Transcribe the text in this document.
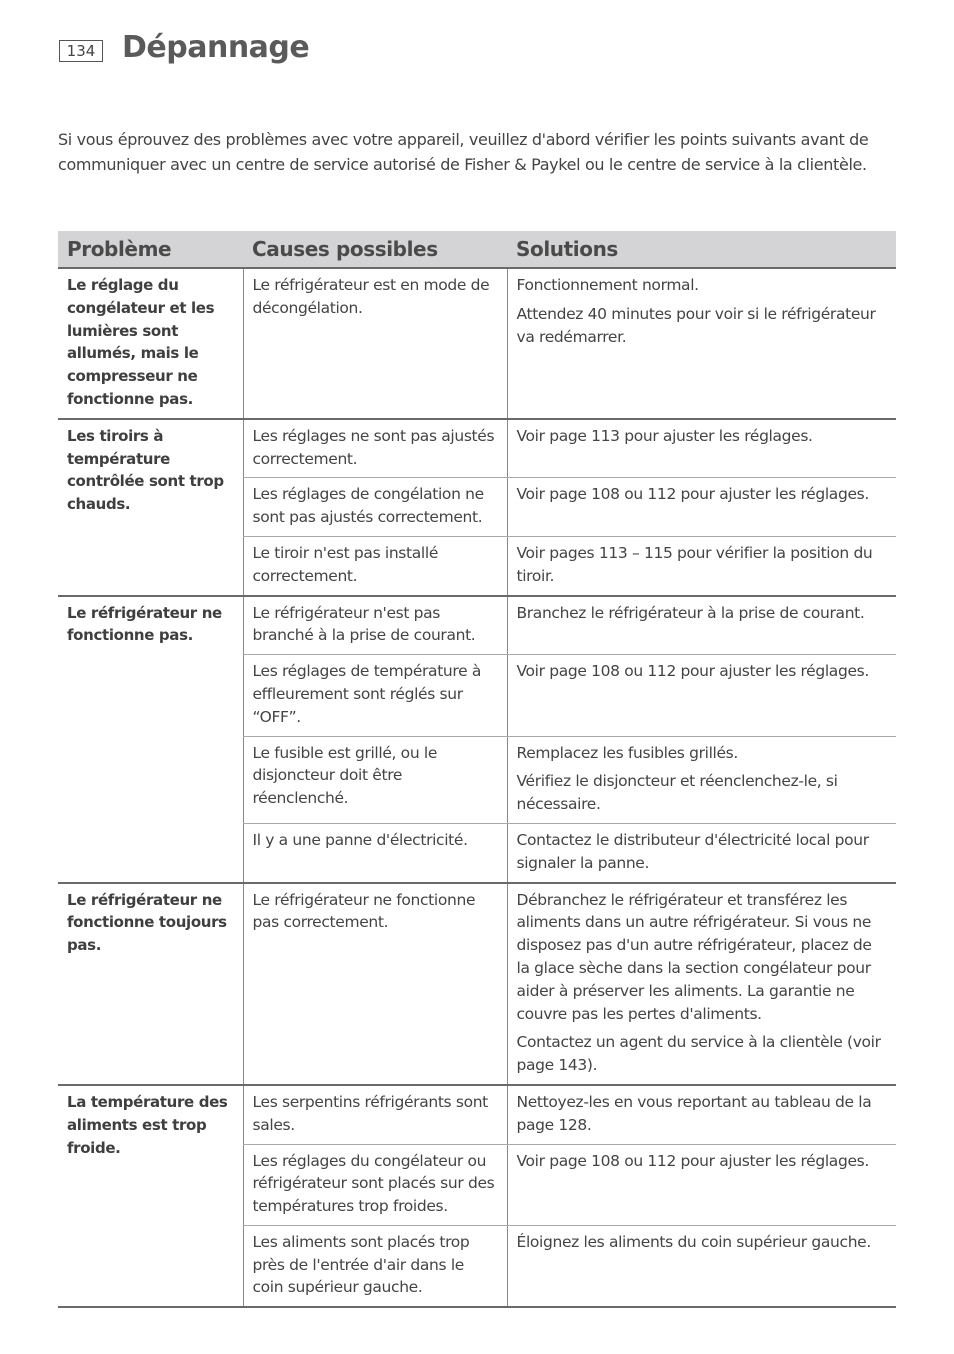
134 Dépannage

Si vous éprouvez des problèmes avec votre appareil, veuillez d'abord vérifier les points suivants avant de communiquer avec un centre de service autorisé de Fisher & Paykel ou le centre de service à la clientèle.

Problème	Causes possibles	Solutions
Le réglage du congélateur et les lumières sont allumés, mais le compresseur ne fonctionne pas.	Le réfrigérateur est en mode de décongélation.	Fonctionnement normal.

Attendez 40 minutes pour voir si le réfrigérateur va redémarrer.

Les tiroirs à température contrôlée sont trop chauds.	Les réglages ne sont pas ajustés correctement.	Voir page 113 pour ajuster les réglages.

	Les réglages de congélation ne sont pas ajustés correctement.	Voir page 108 ou 112 pour ajuster les réglages.

	Le tiroir n'est pas installé correctement.	Voir pages 113 – 115 pour vérifier la position du tiroir.

Le réfrigérateur ne fonctionne pas.	Le réfrigérateur n'est pas branché à la prise de courant.	Branchez le réfrigérateur à la prise de courant.

	Les réglages de température à effleurement sont réglés sur “OFF”.	Voir page 108 ou 112 pour ajuster les réglages.

	Le fusible est grillé, ou le disjoncteur doit être réenclenché.	Remplacez les fusibles grillés.

Vérifiez le disjoncteur et réenclenchez-le, si nécessaire.

	Il y a une panne d'électricité.	Contactez le distributeur d'électricité local pour signaler la panne.

Le réfrigérateur ne fonctionne toujours pas.	Le réfrigérateur ne fonctionne pas correctement.	Débranchez le réfrigérateur et transférez les aliments dans un autre réfrigérateur. Si vous ne disposez pas d'un autre réfrigérateur, placez de la glace sèche dans la section congélateur pour aider à préserver les aliments. La garantie ne couvre pas les pertes d'aliments.

Contactez un agent du service à la clientèle (voir page 143).

La température des aliments est trop froide.	Les serpentins réfrigérants sont sales.	Nettoyez-les en vous reportant au tableau de la page 128.

	Les réglages du congélateur ou réfrigérateur sont placés sur des températures trop froides.	Voir page 108 ou 112 pour ajuster les réglages.

	Les aliments sont placés trop près de l'entrée d'air dans le coin supérieur gauche.	Éloignez les aliments du coin supérieur gauche.
